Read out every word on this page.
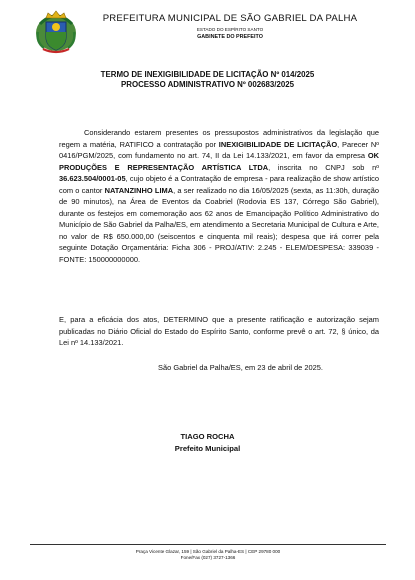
PREFEITURA MUNICIPAL DE SÃO GABRIEL DA PALHA
ESTADO DO ESPÍRITO SANTO
GABINETE DO PREFEITO
TERMO DE INEXIGIBILIDADE DE LICITAÇÃO Nº 014/2025
PROCESSO ADMINISTRATIVO Nº 002683/2025
Considerando estarem presentes os pressupostos administrativos da legislação que regem a matéria, RATIFICO a contratação por INEXIGIBILIDADE DE LICITAÇÃO, Parecer Nº 0416/PGM/2025, com fundamento no art. 74, II da Lei 14.133/2021, em favor da empresa OK PRODUÇÕES E REPRESENTAÇÃO ARTÍSTICA LTDA, inscrita no CNPJ sob nº 36.623.504/0001-05, cujo objeto é a Contratação de empresa - para realização de show artístico com o cantor NATANZINHO LIMA, a ser realizado no dia 16/05/2025 (sexta, as 11:30h, duração de 90 minutos), na Área de Eventos da Coabriel (Rodovia ES 137, Córrego São Gabriel), durante os festejos em comemoração aos 62 anos de Emancipação Político Administrativo do Município de São Gabriel da Palha/ES, em atendimento a Secretaria Municipal de Cultura e Arte, no valor de R$ 650.000,00 (seiscentos e cinquenta mil reais); despesa que irá correr pela seguinte Dotação Orçamentária: Ficha 306 - PROJ/ATIV: 2.245 - ELEM/DESPESA: 339039 - FONTE: 150000000000.
E, para a eficácia dos atos, DETERMINO que a presente ratificação e autorização sejam publicadas no Diário Oficial do Estado do Espírito Santo, conforme prevê o art. 72, § único, da Lei nº 14.133/2021.
São Gabriel da Palha/ES, em 23 de abril de 2025.
TIAGO ROCHA
Prefeito Municipal
Praça Vicente Glazar, 159 | São Gabriel da Palha-ES | CEP 29780 000
Fone/Fax (027) 3727-1366
